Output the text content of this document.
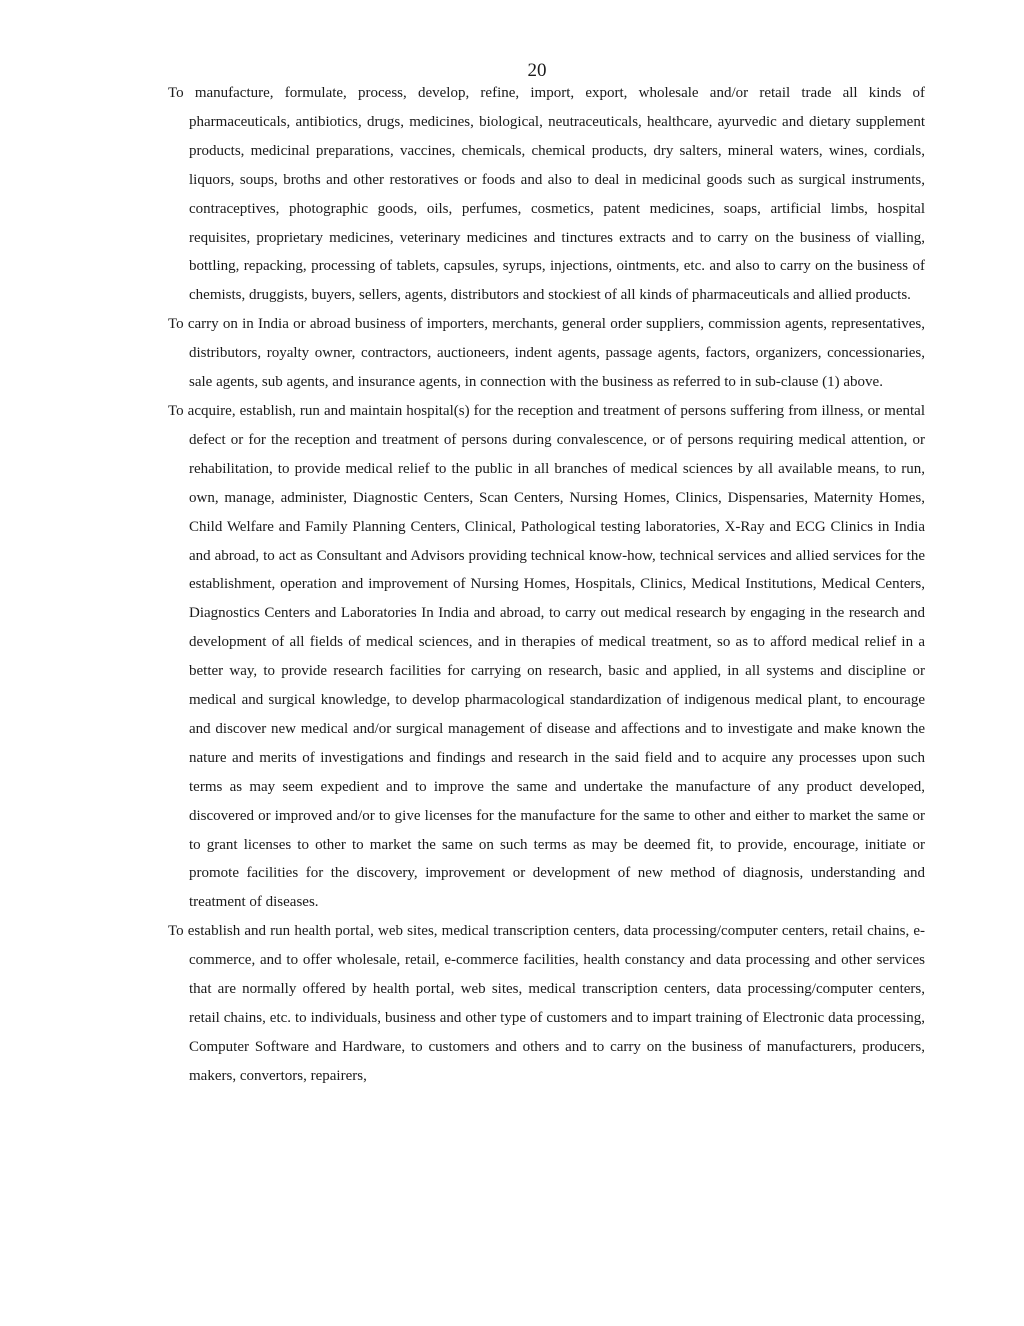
20

To manufacture, formulate, process, develop, refine, import, export, wholesale and/or retail trade all kinds of pharmaceuticals, antibiotics, drugs, medicines, biological, neutraceuticals, healthcare, ayurvedic and dietary supplement products, medicinal preparations, vaccines, chemicals, chemical products, dry salters, mineral waters, wines, cordials, liquors, soups, broths and other restoratives or foods and also to deal in medicinal goods such as surgical instruments, contraceptives, photographic goods, oils, perfumes, cosmetics, patent medicines, soaps, artificial limbs, hospital requisites, proprietary medicines, veterinary medicines and tinctures extracts and to carry on the business of vialling, bottling, repacking, processing of tablets, capsules, syrups, injections, ointments, etc. and also to carry on the business of chemists, druggists, buyers, sellers, agents, distributors and stockiest of all kinds of pharmaceuticals and allied products.

To carry on in India or abroad business of importers, merchants, general order suppliers, commission agents, representatives, distributors, royalty owner, contractors, auctioneers, indent agents, passage agents, factors, organizers, concessionaries, sale agents, sub agents, and insurance agents, in connection with the business as referred to in sub-clause (1) above.

To acquire, establish, run and maintain hospital(s) for the reception and treatment of persons suffering from illness, or mental defect or for the reception and treatment of persons during convalescence, or of persons requiring medical attention, or rehabilitation, to provide medical relief to the public in all branches of medical sciences by all available means, to run, own, manage, administer, Diagnostic Centers, Scan Centers, Nursing Homes, Clinics, Dispensaries, Maternity Homes, Child Welfare and Family Planning Centers, Clinical, Pathological testing laboratories, X-Ray and ECG Clinics in India and abroad, to act as Consultant and Advisors providing technical know-how, technical services and allied services for the establishment, operation and improvement of Nursing Homes, Hospitals, Clinics, Medical Institutions, Medical Centers, Diagnostics Centers and Laboratories In India and abroad, to carry out medical research by engaging in the research and development of all fields of medical sciences, and in therapies of medical treatment, so as to afford medical relief in a better way, to provide research facilities for carrying on research, basic and applied, in all systems and discipline or medical and surgical knowledge, to develop pharmacological standardization of indigenous medical plant, to encourage and discover new medical and/or surgical management of disease and affections and to investigate and make known the nature and merits of investigations and findings and research in the said field and to acquire any processes upon such terms as may seem expedient and to improve the same and undertake the manufacture of any product developed, discovered or improved and/or to give licenses for the manufacture for the same to other and either to market the same or to grant licenses to other to market the same on such terms as may be deemed fit, to provide, encourage, initiate or promote facilities for the discovery, improvement or development of new method of diagnosis, understanding and treatment of diseases.

To establish and run health portal, web sites, medical transcription centers, data processing/computer centers, retail chains, e-commerce, and to offer wholesale, retail, e-commerce facilities, health constancy and data processing and other services that are normally offered by health portal, web sites, medical transcription centers, data processing/computer centers, retail chains, etc. to individuals, business and other type of customers and to impart training of Electronic data processing, Computer Software and Hardware, to customers and others and to carry on the business of manufacturers, producers, makers, convertors, repairers,
